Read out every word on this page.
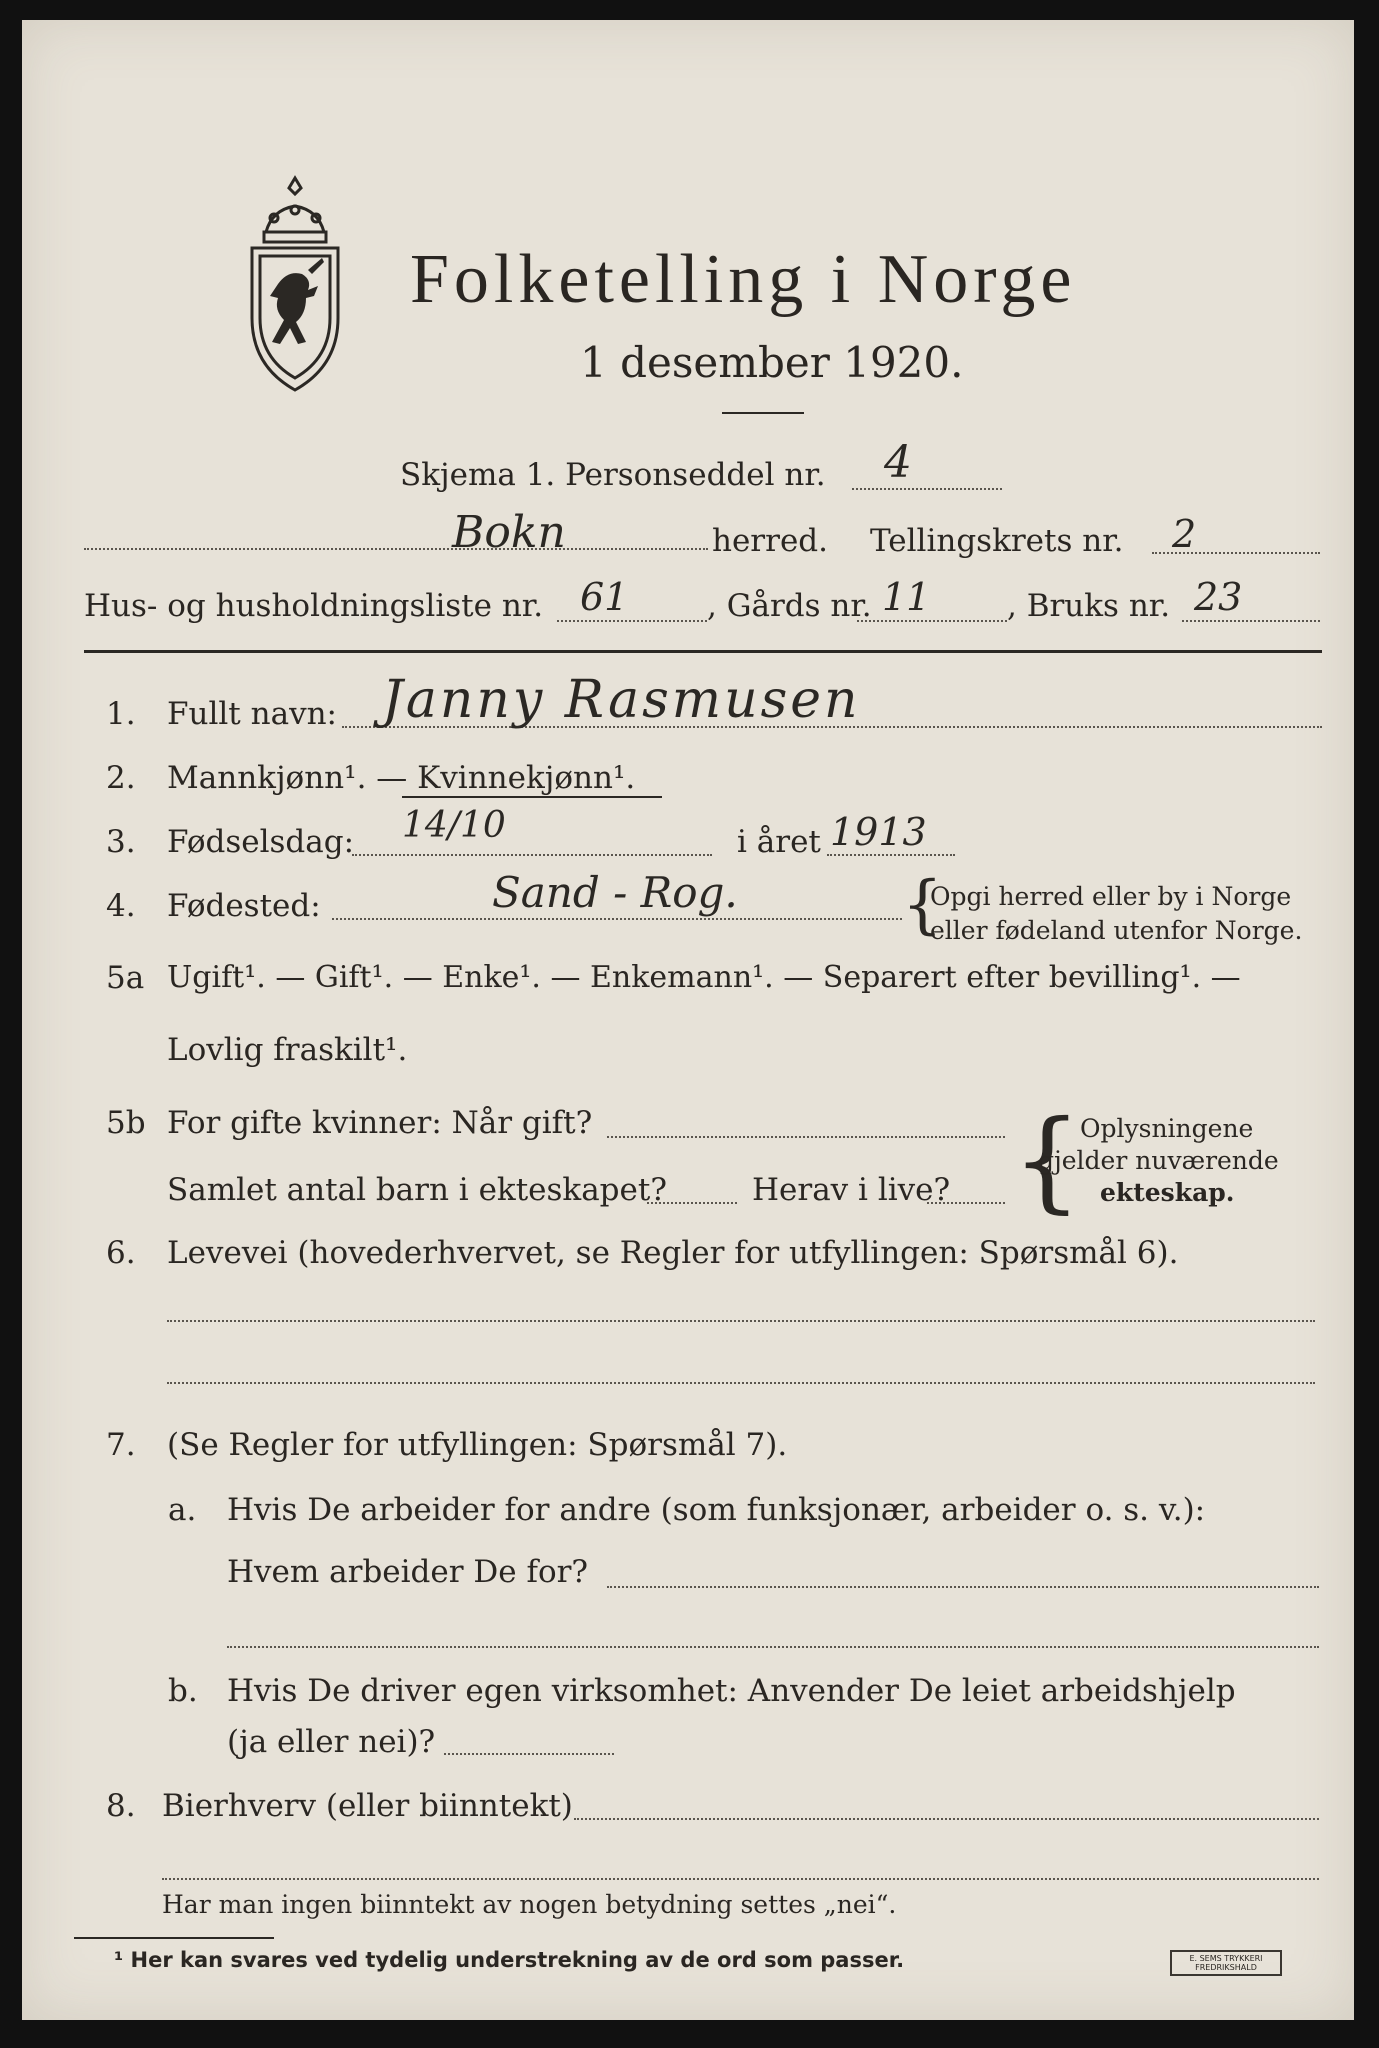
Folketelling i Norge
1 desember 1920.
Skjema 1. Personseddel nr. 4
Bokn	herred. Tellingskrets nr. 2
Hus- og husholdningsliste nr. 61	, Gårds nr. 11 , Bruks nr. 23
1. Fullt navn: Janny Rasmusen
2. Mannkjønn¹. — Kvinnekjønn¹.
3. Fødselsdag: 14/10	i året 1913
4. Fødested:	Sand - Rog.	{
Opgi herred eller by i Norge
eller fødeland utenfor Norge.
5a Ugift¹. — Gift¹. — Enke¹. — Enkemann¹. — Separert efter bevilling¹. —
Lovlig fraskilt¹.
5b For gifte kvinner: Når gift?
Samlet antal barn i ekteskapet?	Herav i live? {
Oplysningene
gjelder nuværende
ekteskap.
6. Levevei (hovederhvervet, se Regler for utfyllingen: Spørsmål 6).
7. (Se Regler for utfyllingen: Spørsmål 7).
a. Hvis De arbeider for andre (som funksjonær, arbeider o. s. v.):
Hvem arbeider De for?
b. Hvis De driver egen virksomhet: Anvender De leiet arbeidshjelp
(ja eller nei)?
8. Bierhverv (eller biinntekt)
Har man ingen biinntekt av nogen betydning settes „nei“.
¹ Her kan svares ved tydelig understrekning av de ord som passer.	E. SEMS TRYKKERI FREDRIKSHALD
